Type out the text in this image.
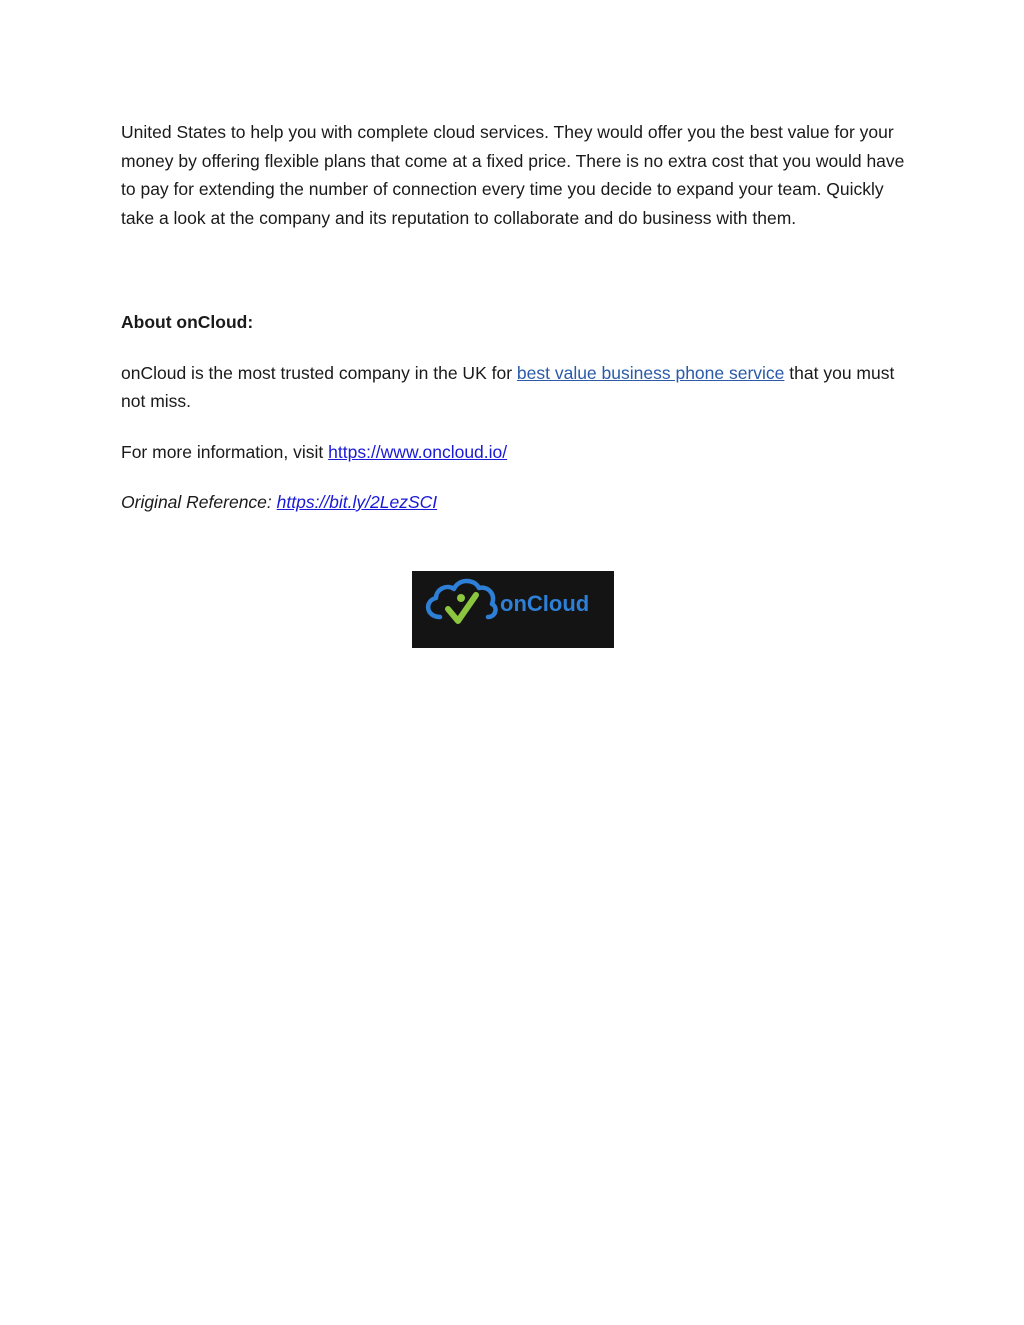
United States to help you with complete cloud services. They would offer you the best value for your money by offering flexible plans that come at a fixed price. There is no extra cost that you would have to pay for extending the number of connection every time you decide to expand your team. Quickly take a look at the company and its reputation to collaborate and do business with them.

About onCloud:

onCloud is the most trusted company in the UK for best value business phone service that you must not miss.

For more information, visit https://www.oncloud.io/

Original Reference: https://bit.ly/2LezSCI

onCloud
